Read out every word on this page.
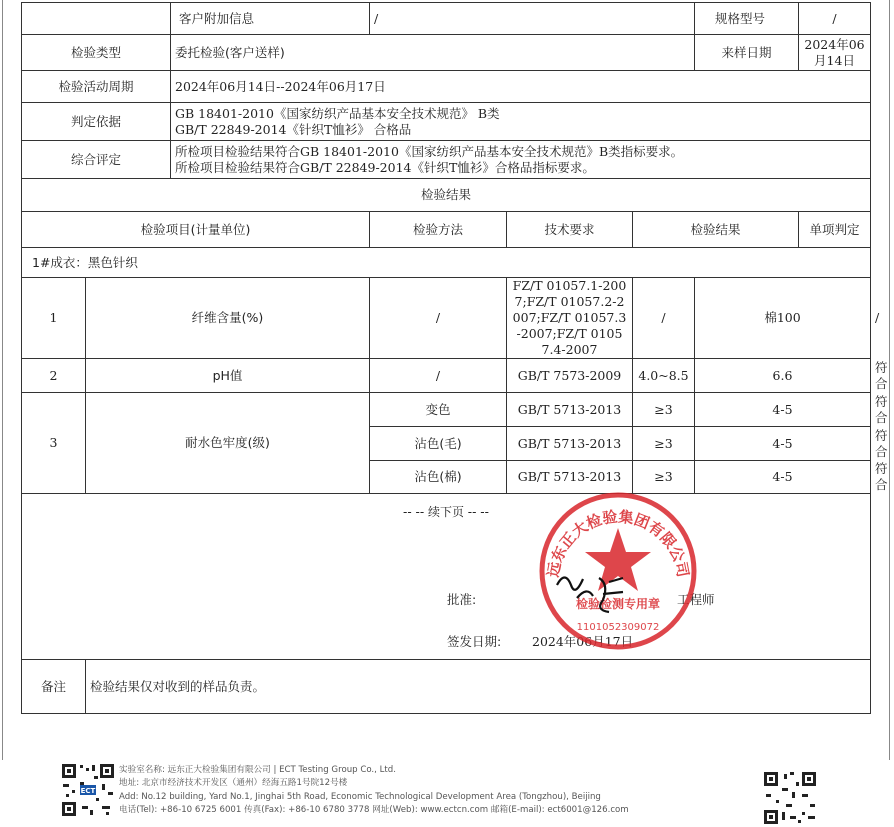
		客户附加信息	/			规格型号	/	
检验类型		委托检验(客户送样)				来样日期	2024年06月14日	
检验活动周期		2024年06月14日--2024年06月17日						
判定依据		GB 18401-2010《国家纺织产品基本安全技术规范》 B类
GB/T 22849-2014《针织T恤衫》 合格品						

综合评定		所检项目检验结果符合GB 18401-2010《国家纺织产品基本安全技术规范》B类指标要求。
所检项目检验结果符合GB/T 22849-2014《针织T恤衫》合格品指标要求。						

检验结果								
检验项目(计量单位)			检验方法	技术要求	检验结果		单项判定	
1#成衣：黑色针织								
1	纤维含量(%)		/	FZ/T 01057.1-2007;FZ/T 01057.2-2007;FZ/T 01057.3-2007;FZ/T 01057.4-2007	/	棉100		/
2	pH值		/	GB/T 7573-2009	4.0~8.5	6.6		符合
3	耐水色牢度(级)		变色	GB/T 5713-2013	≥3	4-5		符合
			沾色(毛)	GB/T 5713-2013	≥3	4-5		符合
			沾色(棉)	GB/T 5713-2013	≥3	4-5		符合

-- -- 续下页 -- --
批准: 工程师
签发日期: 2024年06月17日								

备注	检验结果仅对收到的样品负责。							
远东正大检验集团有限公司
检验检测专用章
1101052309072
ECT
实验室名称: 远东正大检验集团有限公司 | ECT Testing Group Co., Ltd.
地址: 北京市经济技术开发区（通州）经海五路1号院12号楼
Add: No.12 building, Yard No.1, Jinghai 5th Road, Economic Technological Development Area (Tongzhou), Beijing
电话(Tel): +86-10 6725 6001 传真(Fax): +86-10 6780 3778 网址(Web): www.ectcn.com 邮箱(E-mail): ect6001@126.com
